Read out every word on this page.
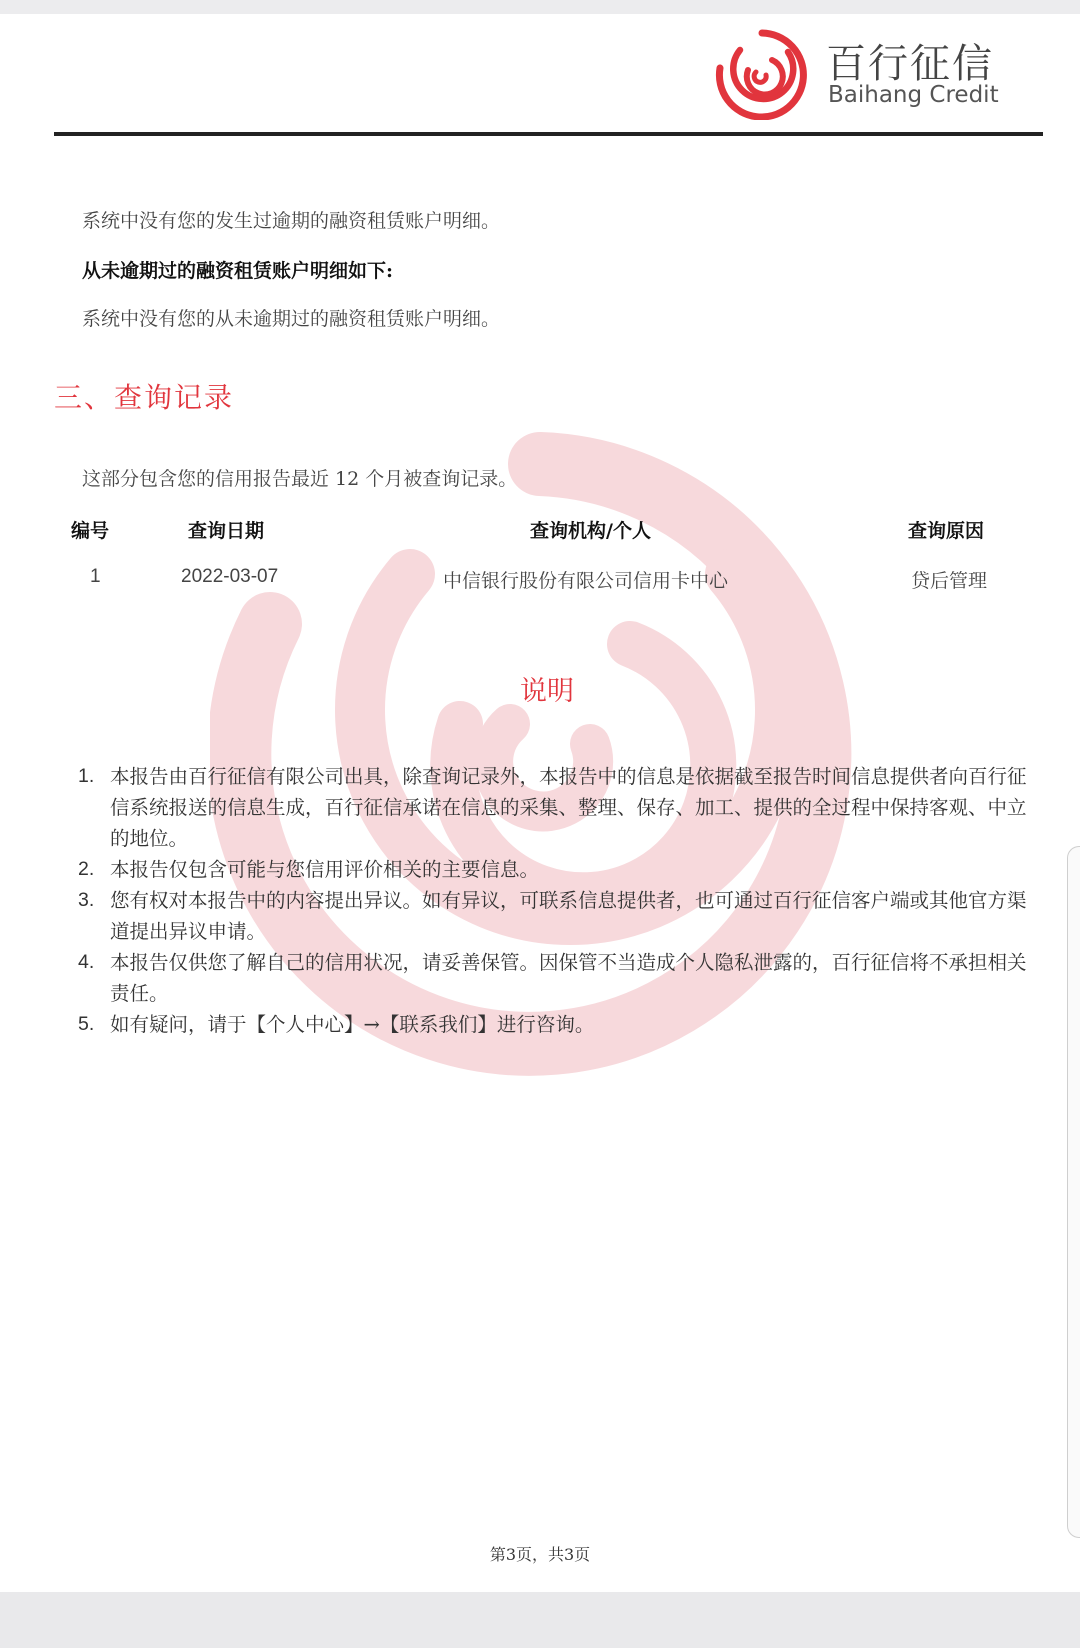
百行征信
Baihang Credit
系统中没有您的发生过逾期的融资租赁账户明细。
从未逾期过的融资租赁账户明细如下:
系统中没有您的从未逾期过的融资租赁账户明细。
三、查询记录
这部分包含您的信用报告最近 12 个月被查询记录。
编号	查询日期	查询机构/个人	查询原因
1	2022-03-07	中信银行股份有限公司信用卡中心	贷后管理
说明
1. 本报告由百行征信有限公司出具，除查询记录外，本报告中的信息是依据截至报告时间信息提供者向百行征信系统报送的信息生成，百行征信承诺在信息的采集、整理、保存、加工、提供的全过程中保持客观、中立的地位。
2. 本报告仅包含可能与您信用评价相关的主要信息。
3. 您有权对本报告中的内容提出异议。如有异议，可联系信息提供者，也可通过百行征信客户端或其他官方渠道提出异议申请。
4. 本报告仅供您了解自己的信用状况，请妥善保管。因保管不当造成个人隐私泄露的，百行征信将不承担相关责任。
5. 如有疑问，请于【个人中心】→【联系我们】进行咨询。
第3页，共3页
